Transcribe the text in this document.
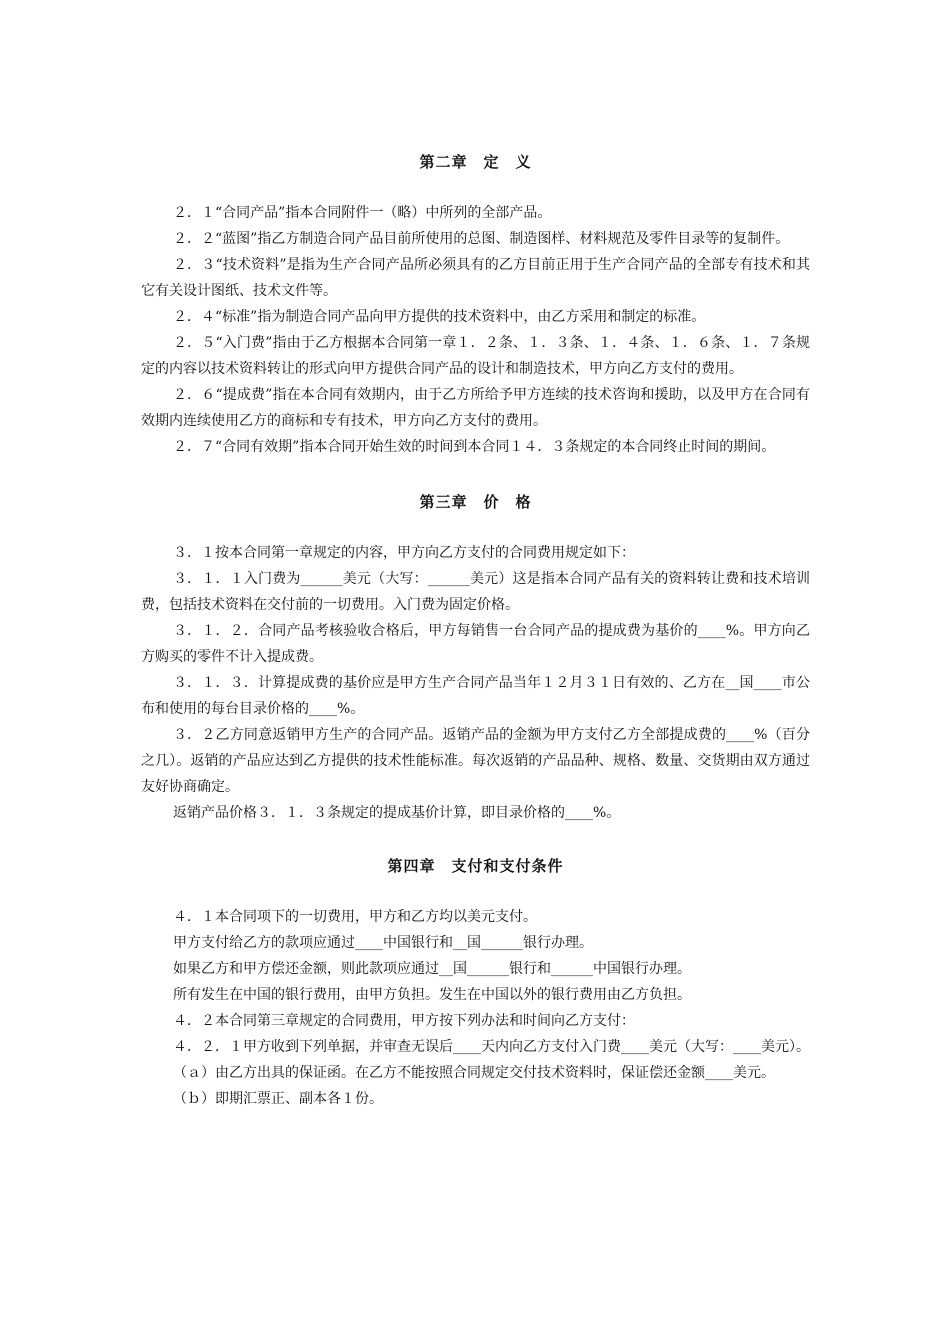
第二章　定　义

２．１“合同产品”指本合同附件一（略）中所列的全部产品。

２．２“蓝图”指乙方制造合同产品目前所使用的总图、制造图样、材料规范及零件目录等的复制件。

２．３“技术资料”是指为生产合同产品所必须具有的乙方目前正用于生产合同产品的全部专有技术和其它有关设计图纸、技术文件等。

２．４“标准”指为制造合同产品向甲方提供的技术资料中，由乙方采用和制定的标准。

２．５“入门费”指由于乙方根据本合同第一章１．２条、１．３条、１．４条、１．６条、１．７条规定的内容以技术资料转让的形式向甲方提供合同产品的设计和制造技术，甲方向乙方支付的费用。

２．６“提成费”指在本合同有效期内，由于乙方所给予甲方连续的技术咨询和援助，以及甲方在合同有效期内连续使用乙方的商标和专有技术，甲方向乙方支付的费用。

２．７“合同有效期”指本合同开始生效的时间到本合同１４．３条规定的本合同终止时间的期间。

第三章　价　格

３．１按本合同第一章规定的内容，甲方向乙方支付的合同费用规定如下：

３．１．１入门费为______美元（大写：______美元）这是指本合同产品有关的资料转让费和技术培训费，包括技术资料在交付前的一切费用。入门费为固定价格。

３．１．２．合同产品考核验收合格后，甲方每销售一台合同产品的提成费为基价的____%。甲方向乙方购买的零件不计入提成费。

３．１．３．计算提成费的基价应是甲方生产合同产品当年１２月３１日有效的、乙方在__国____市公布和使用的每台目录价格的____%。

３．２乙方同意返销甲方生产的合同产品。返销产品的金额为甲方支付乙方全部提成费的____%（百分之几）。返销的产品应达到乙方提供的技术性能标准。每次返销的产品品种、规格、数量、交货期由双方通过友好协商确定。

返销产品价格３．１．３条规定的提成基价计算，即目录价格的____%。

第四章　支付和支付条件

４．１本合同项下的一切费用，甲方和乙方均以美元支付。

甲方支付给乙方的款项应通过____中国银行和__国______银行办理。

如果乙方和甲方偿还金额，则此款项应通过__国______银行和______中国银行办理。

所有发生在中国的银行费用，由甲方负担。发生在中国以外的银行费用由乙方负担。

４．２本合同第三章规定的合同费用，甲方按下列办法和时间向乙方支付：

４．２．１甲方收到下列单据，并审查无误后____天内向乙方支付入门费____美元（大写：____美元）。

（ａ）由乙方出具的保证函。在乙方不能按照合同规定交付技术资料时，保证偿还金额____美元。

（ｂ）即期汇票正、副本各１份。
